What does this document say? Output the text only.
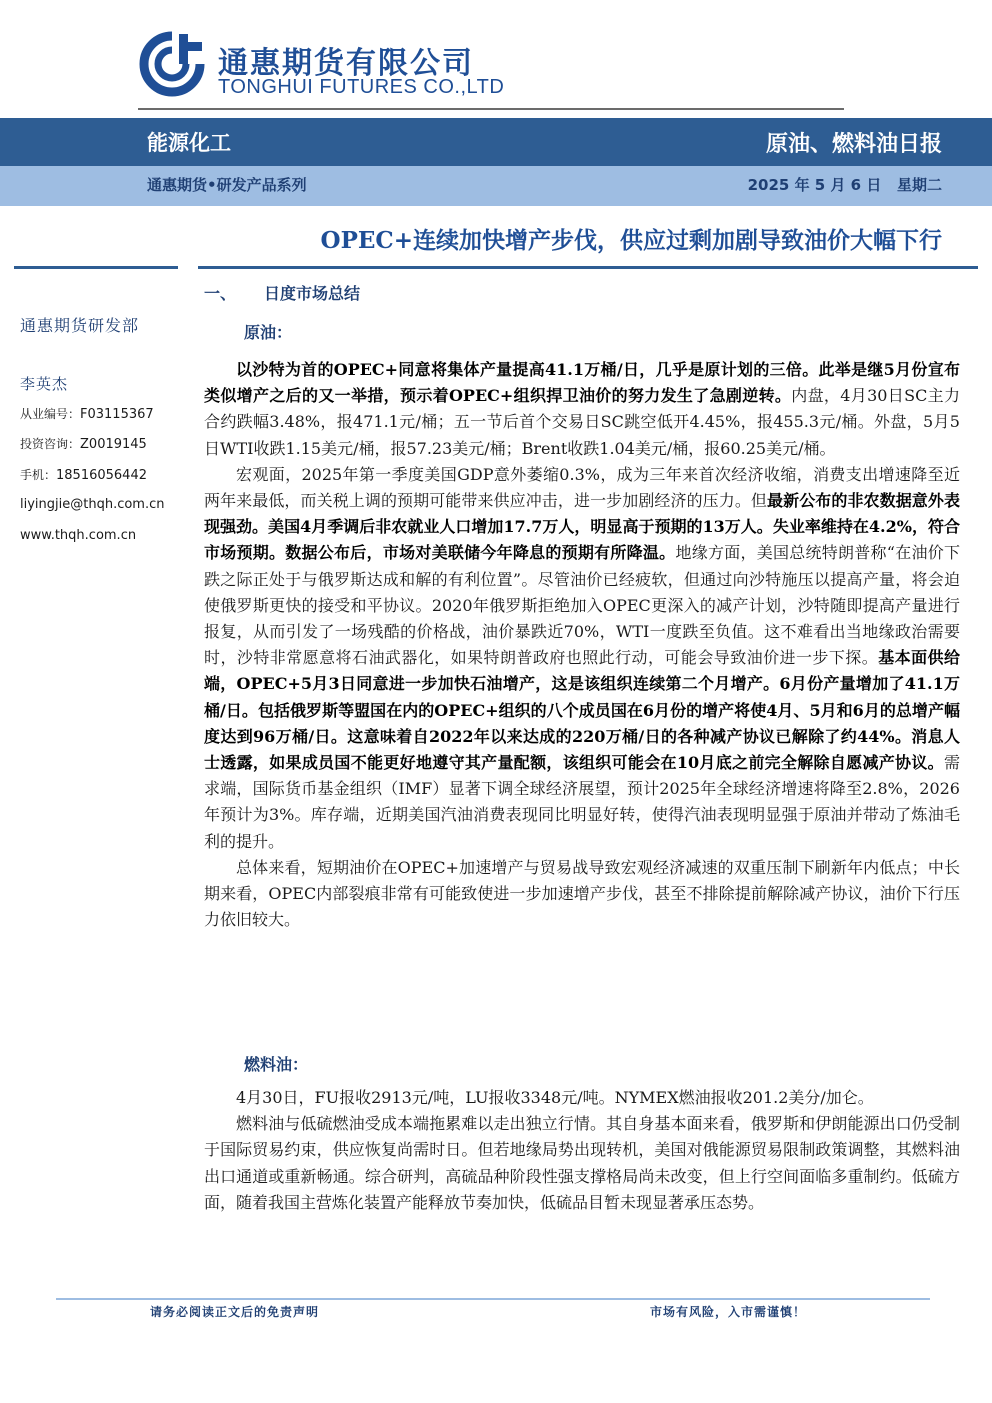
通惠期货有限公司
TONGHUI FUTURES CO.,LTD
能源化工	原油、燃料油日报
通惠期货•研发产品系列	2025 年 5 月 6 日   星期二
OPEC+连续加快增产步伐，供应过剩加剧导致油价大幅下行
通惠期货研发部
李英杰
从业编号：F03115367
投资咨询：Z0019145
手机：18516056442
liyingjie@thqh.com.cn
www.thqh.com.cn
一、 日度市场总结
原油：

以沙特为首的OPEC+同意将集体产量提高41.1万桶/日，几乎是原计划的三倍。此举是继5月份宣布类似增产之后的又一举措，预示着OPEC+组织捍卫油价的努力发生了急剧逆转。内盘，4月30日SC主力合约跌幅3.48%，报471.1元/桶；五一节后首个交易日SC跳空低开4.45%，报455.3元/桶。外盘，5月5日WTI收跌1.15美元/桶，报57.23美元/桶；Brent收跌1.04美元/桶，报60.25美元/桶。

宏观面，2025年第一季度美国GDP意外萎缩0.3%，成为三年来首次经济收缩，消费支出增速降至近两年来最低，而关税上调的预期可能带来供应冲击，进一步加剧经济的压力。但最新公布的非农数据意外表现强劲。美国4月季调后非农就业人口增加17.7万人，明显高于预期的13万人。失业率维持在4.2%，符合市场预期。数据公布后，市场对美联储今年降息的预期有所降温。地缘方面，美国总统特朗普称“在油价下跌之际正处于与俄罗斯达成和解的有利位置”。尽管油价已经疲软，但通过向沙特施压以提高产量，将会迫使俄罗斯更快的接受和平协议。2020年俄罗斯拒绝加入OPEC更深入的减产计划，沙特随即提高产量进行报复，从而引发了一场残酷的价格战，油价暴跌近70%，WTI一度跌至负值。这不难看出当地缘政治需要时，沙特非常愿意将石油武器化，如果特朗普政府也照此行动，可能会导致油价进一步下探。基本面供给端，OPEC+5月3日同意进一步加快石油增产，这是该组织连续第二个月增产。6月份产量增加了41.1万桶/日。包括俄罗斯等盟国在内的OPEC+组织的八个成员国在6月份的增产将使4月、5月和6月的总增产幅度达到96万桶/日。这意味着自2022年以来达成的220万桶/日的各种减产协议已解除了约44%。消息人士透露，如果成员国不能更好地遵守其产量配额，该组织可能会在10月底之前完全解除自愿减产协议。需求端，国际货币基金组织（IMF）显著下调全球经济展望，预计2025年全球经济增速将降至2.8%，2026年预计为3%。库存端，近期美国汽油消费表现同比明显好转，使得汽油表现明显强于原油并带动了炼油毛利的提升。

总体来看，短期油价在OPEC+加速增产与贸易战导致宏观经济减速的双重压制下刷新年内低点；中长期来看，OPEC内部裂痕非常有可能致使进一步加速增产步伐，甚至不排除提前解除减产协议，油价下行压力依旧较大。

燃料油：

4月30日，FU报收2913元/吨，LU报收3348元/吨。NYMEX燃油报收201.2美分/加仑。

燃料油与低硫燃油受成本端拖累难以走出独立行情。其自身基本面来看，俄罗斯和伊朗能源出口仍受制于国际贸易约束，供应恢复尚需时日。但若地缘局势出现转机，美国对俄能源贸易限制政策调整，其燃料油出口通道或重新畅通。综合研判，高硫品种阶段性强支撑格局尚未改变，但上行空间面临多重制约。低硫方面，随着我国主营炼化装置产能释放节奏加快，低硫品目暂未现显著承压态势。

请务必阅读正文后的免责声明	市场有风险，入市需谨慎！
